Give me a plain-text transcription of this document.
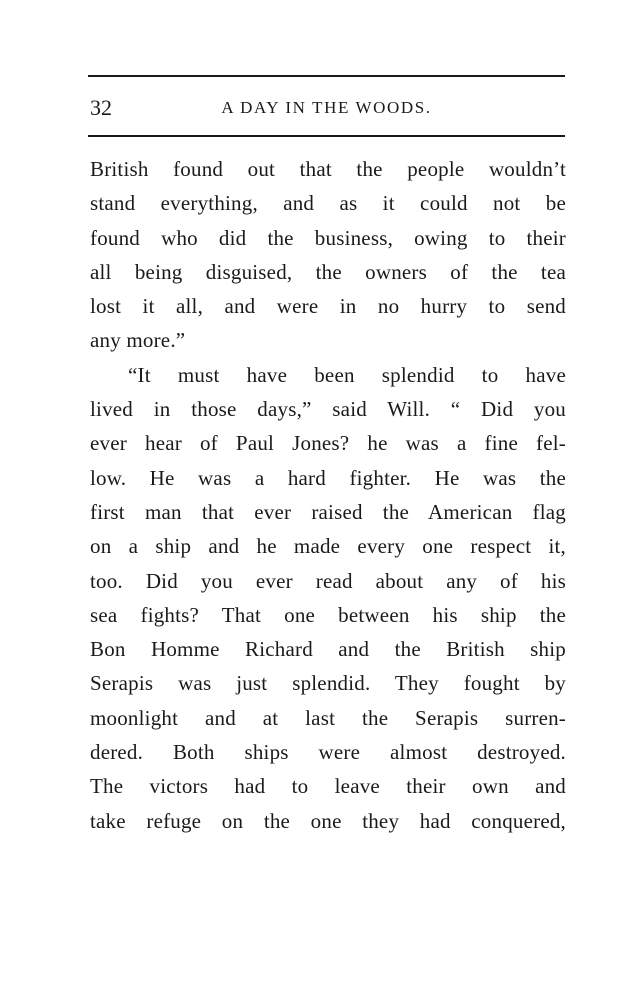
32	A DAY IN THE WOODS.
British found out that the people wouldn’t
stand everything, and as it could not be
found who did the business, owing to their
all being disguised, the owners of the tea
lost it all, and were in no hurry to send
any more.”
“It must have been splendid to have
lived in those days,” said Will. “ Did you
ever hear of Paul Jones? he was a fine fel-
low. He was a hard fighter. He was the
first man that ever raised the American flag
on a ship and he made every one respect it,
too. Did you ever read about any of his
sea fights? That one between his ship the
Bon Homme Richard and the British ship
Serapis was just splendid. They fought by
moonlight and at last the Serapis surren-
dered. Both ships were almost destroyed.
The victors had to leave their own and
take refuge on the one they had conquered,
